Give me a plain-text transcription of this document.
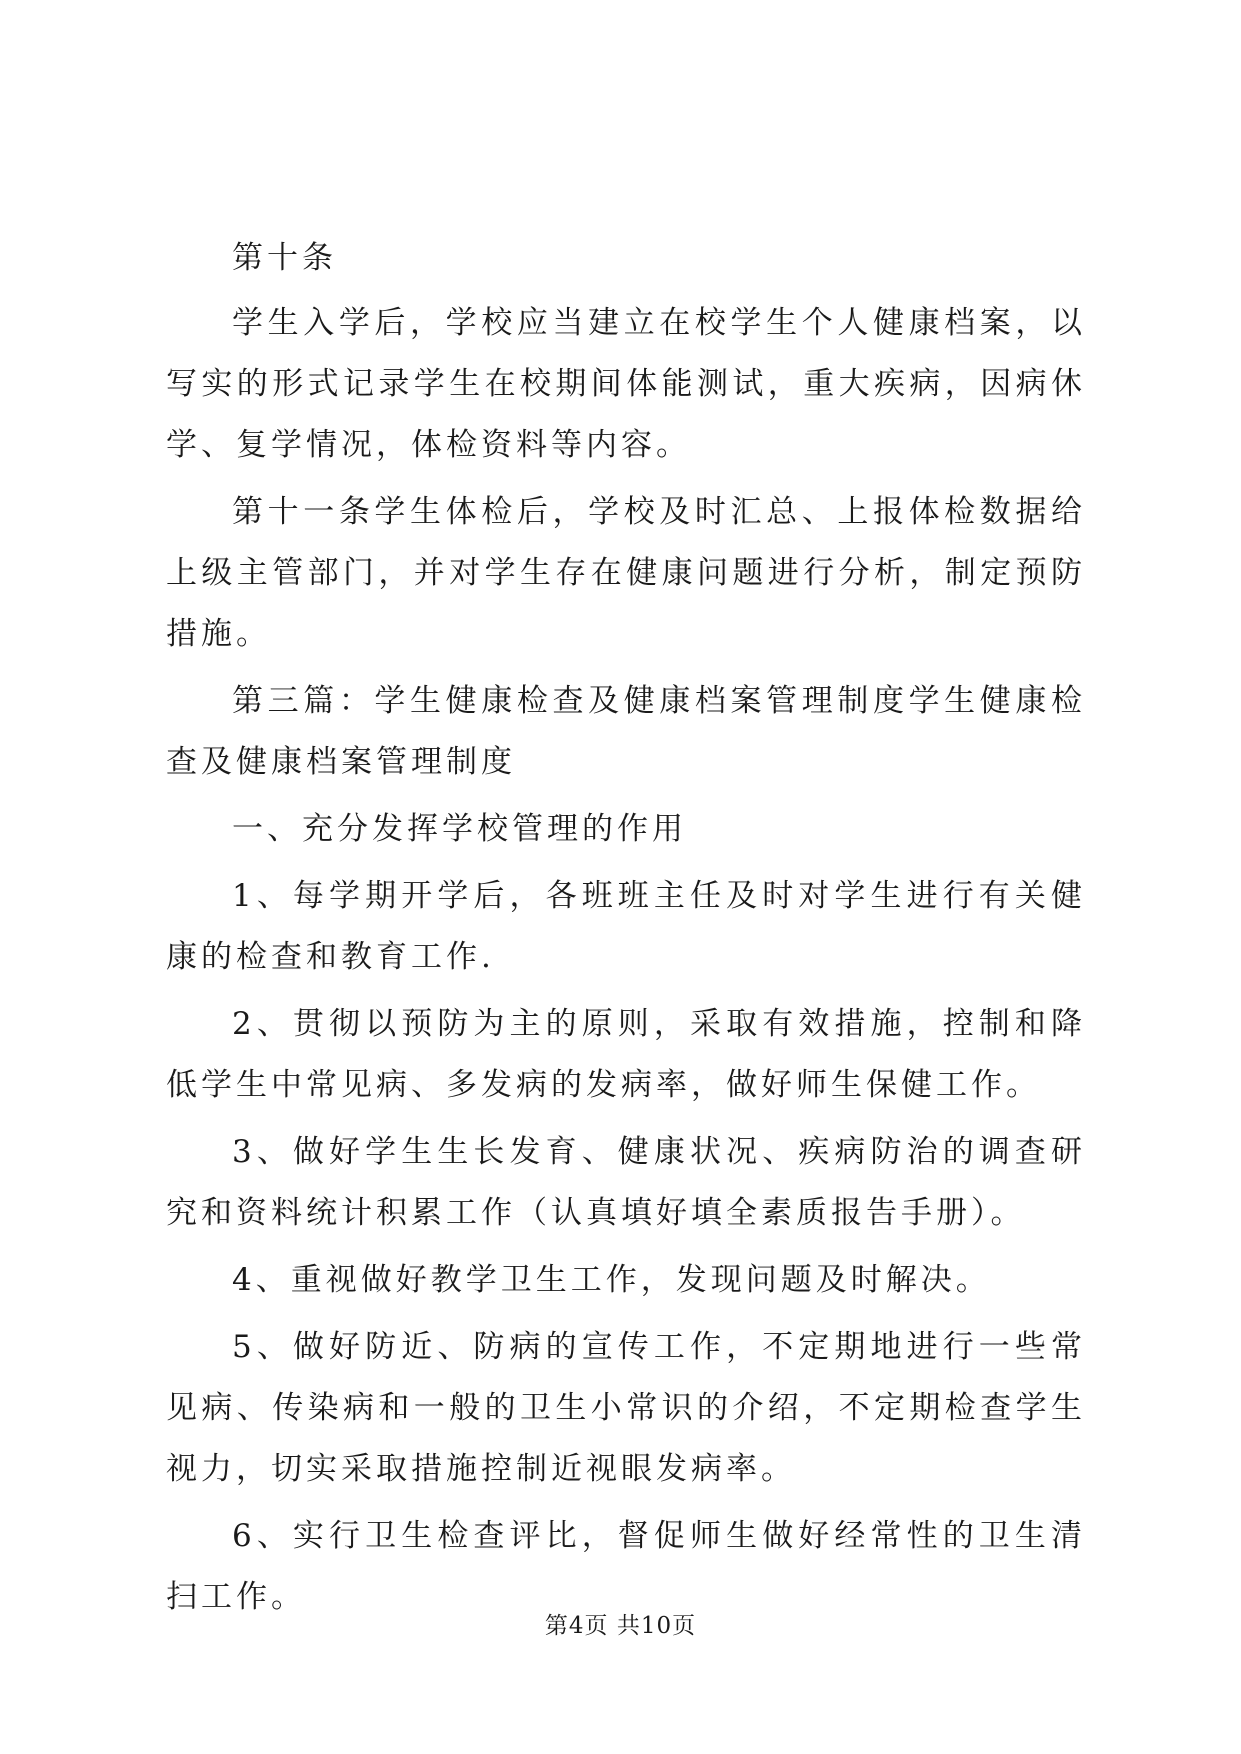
第十条

学生入学后，学校应当建立在校学生个人健康档案，以写实的形式记录学生在校期间体能测试，重大疾病，因病休学、复学情况，体检资料等内容。

第十一条学生体检后，学校及时汇总、上报体检数据给上级主管部门，并对学生存在健康问题进行分析，制定预防措施。

第三篇：学生健康检查及健康档案管理制度学生健康检查及健康档案管理制度

一、充分发挥学校管理的作用

1、每学期开学后，各班班主任及时对学生进行有关健康的检查和教育工作.

2、贯彻以预防为主的原则，采取有效措施，控制和降低学生中常见病、多发病的发病率，做好师生保健工作。

3、做好学生生长发育、健康状况、疾病防治的调查研究和资料统计积累工作（认真填好填全素质报告手册）。

4、重视做好教学卫生工作，发现问题及时解决。

5、做好防近、防病的宣传工作，不定期地进行一些常见病、传染病和一般的卫生小常识的介绍，不定期检查学生视力，切实采取措施控制近视眼发病率。

6、实行卫生检查评比，督促师生做好经常性的卫生清扫工作。

第4页 共10页
